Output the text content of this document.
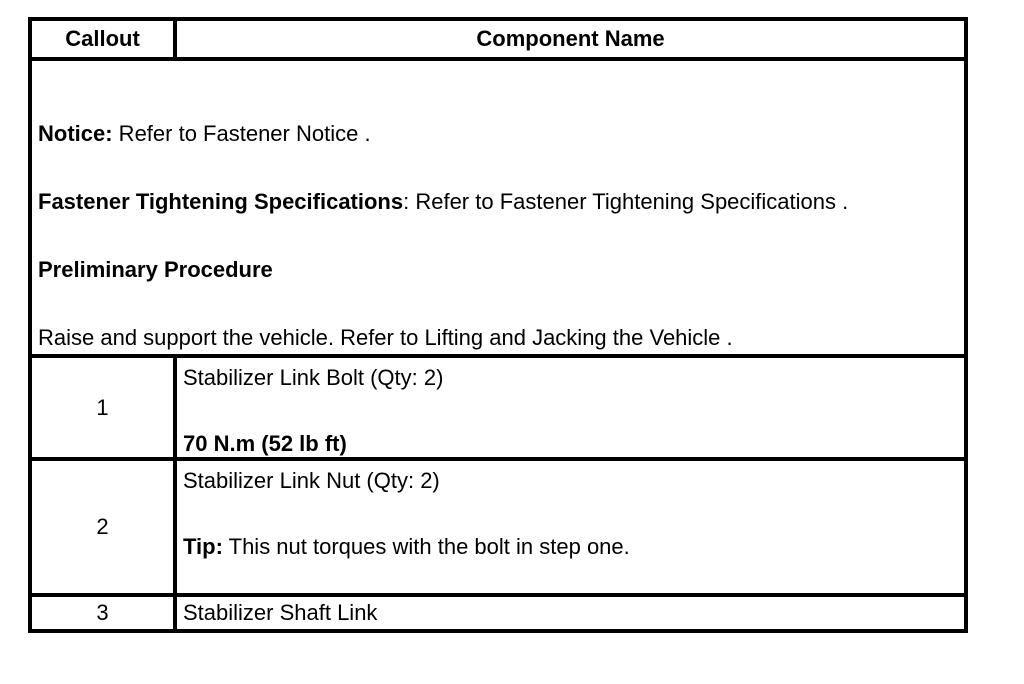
Callout	Component Name

Notice: Refer to Fastener Notice .

Fastener Tightening Specifications: Refer to Fastener Tightening Specifications .

Preliminary Procedure

Raise and support the vehicle. Refer to Lifting and Jacking the Vehicle .	

1	Stabilizer Link Bolt (Qty: 2)

70 N.m (52 lb ft)

2	Stabilizer Link Nut (Qty: 2)

Tip: This nut torques with the bolt in step one.

3	Stabilizer Shaft Link
